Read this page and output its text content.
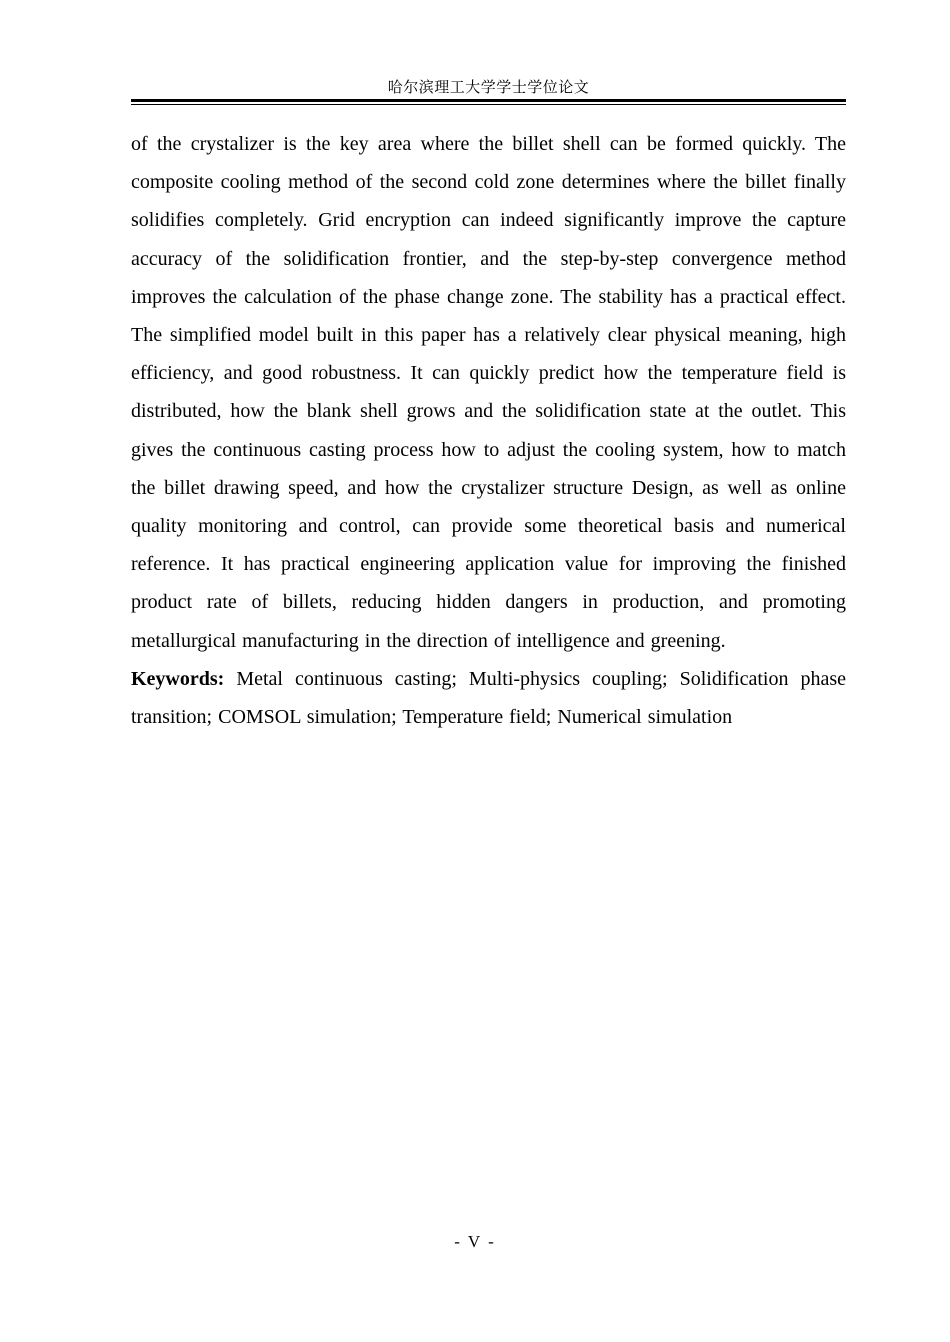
哈尔滨理工大学学士学位论文

of the crystalizer is the key area where the billet shell can be formed quickly. The composite cooling method of the second cold zone determines where the billet finally solidifies completely. Grid encryption can indeed significantly improve the capture accuracy of the solidification frontier, and the step-by-step convergence method improves the calculation of the phase change zone. The stability has a practical effect. The simplified model built in this paper has a relatively clear physical meaning, high efficiency, and good robustness. It can quickly predict how the temperature field is distributed, how the blank shell grows and the solidification state at the outlet. This gives the continuous casting process how to adjust the cooling system, how to match the billet drawing speed, and how the crystalizer structure Design, as well as online quality monitoring and control, can provide some theoretical basis and numerical reference. It has practical engineering application value for improving the finished product rate of billets, reducing hidden dangers in production, and promoting metallurgical manufacturing in the direction of intelligence and greening.

Keywords: Metal continuous casting; Multi-physics coupling; Solidification phase transition; COMSOL simulation; Temperature field; Numerical simulation

- V -
